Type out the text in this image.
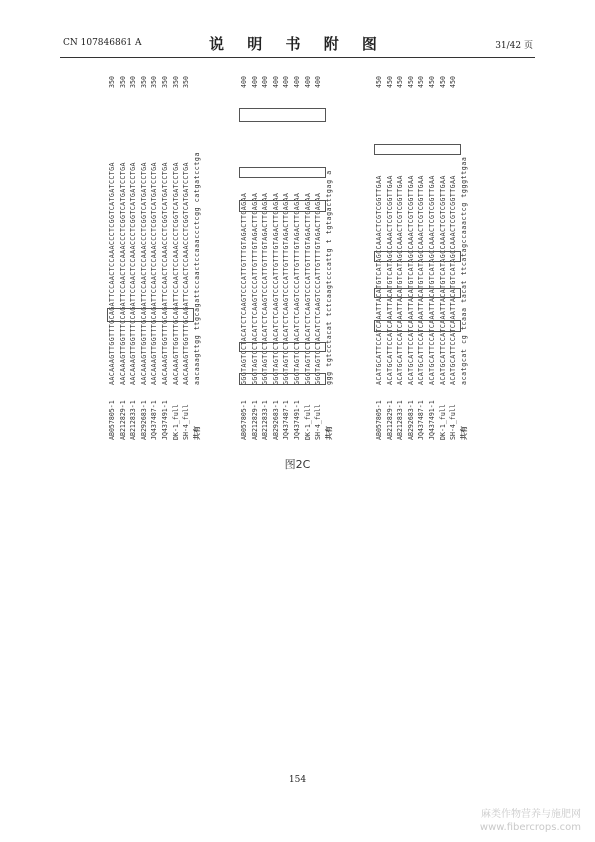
CN 107846861 A	说 明 书 附 图	31/42 页
AB057805-1
AACAAAGTTGGTTTGCAGATTCCAACTCCAAACCCTCGGTCATGATCCTGA
350
AB212829-1
AACAAAGTTGGTTTCCAGATTCCAACTCCAAACCCTCGGTCATGATCCTGA
350
AB212833-1
AACAAAGTTGGTTTCCAGATTCCAACTCCAAACCCTCGGTCATGATCCTGA
350
AB292683-1
AACAAAGTTGGTTTGCAGATTCCAACTCCAAACCCTCGGTCATGATCCTGA
350
JQ437487-1
AACAAAGTTGGTTTGCAGATTCCAACTCCAAACCCTCGGTCATGATCCTGA
350
JQ437491-1
AACAAAGTTGGTTTGCAGATTCCAACTCCAAACCCTCGGTCATGATCCTGA
350
DK-1_full
AACAAAGTTGGTTTGCAGATTCCAACTCCAAACCCTCGGTCATGATCCTGA
350
SH-4_full
AACAAAGTTGGTTTGCAGATTCCAACTCCAAACCCTCGGTCATGATCCTGA
350
共有
aacaaagttgg ttgcagattccaactccaaaccctcgg catgatcctga
AB057805-1
GGGTAGTCCTACATCTCAAGTCCCATTGTTTGTAGACTTGAGAA
400
AB212829-1
GGGTAGTCCTACATCTCAAGTCCCATTGTTTGTAGACTTGAGAA
400
AB212833-1
GGGTAGTCCTACATCTCAAGTCCCATTGTTTGTAGACTTGAGAA
400
AB292683-1
GGGTAGTCCTACATCTCAAGTCCCATTGTTTGTAGACTTGAGAA
400
JQ437487-1
GGGTAGTCCTACATCTCAAGTCCCATTGTTTGTAGACTTGAGAA
400
JQ437491-1
GGGTAGTCCTACATCTCAAGTCCCATTGTTTGTAGACTTGAGAA
400
DK-1_full
GGGTAGTCCTACATCTCAAGTCCCATTGTTTGTAGACTTGAGAA
400
SH-4_full
GGGTAGTCCTACATCTCAAGTCCCATTGTTTGTAGACTTGAGAA
400
共有
ggg tgtcctacat tctcaagtcccattg t tgtagacttgag a
AB057805-1
ACATGCATTCCATCAAATTACATGTCATAGCCAAACTCGTCGGTTGAA
450
AB212829-1
ACATGCATTCCATCAAATTACATGTCATAGCCAAACTCGTCGGTTGAA
450
AB212833-1
ACATGCATTCCATCAAATTACATGTCATAGCCAAACTCGTCGGTTGAA
450
AB292683-1
ACATGCATTCCATCAAATTACATGTCATAGCCAAACTCGTCGGTTGAA
450
JQ437487-1
ACATGCATTCCATCAAATTACATGTCATAGCCAAACTCGTCGGTTGAA
450
JQ437491-1
ACATGCATTCCATCAAATTACATGTCATAGCCAAACTCGTCGGTTGAA
450
DK-1_full
ACATGCATTCCATCAAATTACATGTCATAGCCAAACTCGTCGGTTGAA
450
SH-4_full
ACATGCATTCCATCAAATTACATGTCATAGCCAAACTCGTCGGTTGAA
450
共有
acatgcat cg tcaaa tacat ttcatagccaaactcg tgggttgaa
图2C
154
麻类作物营养与施肥网
www.fibercrops.com
